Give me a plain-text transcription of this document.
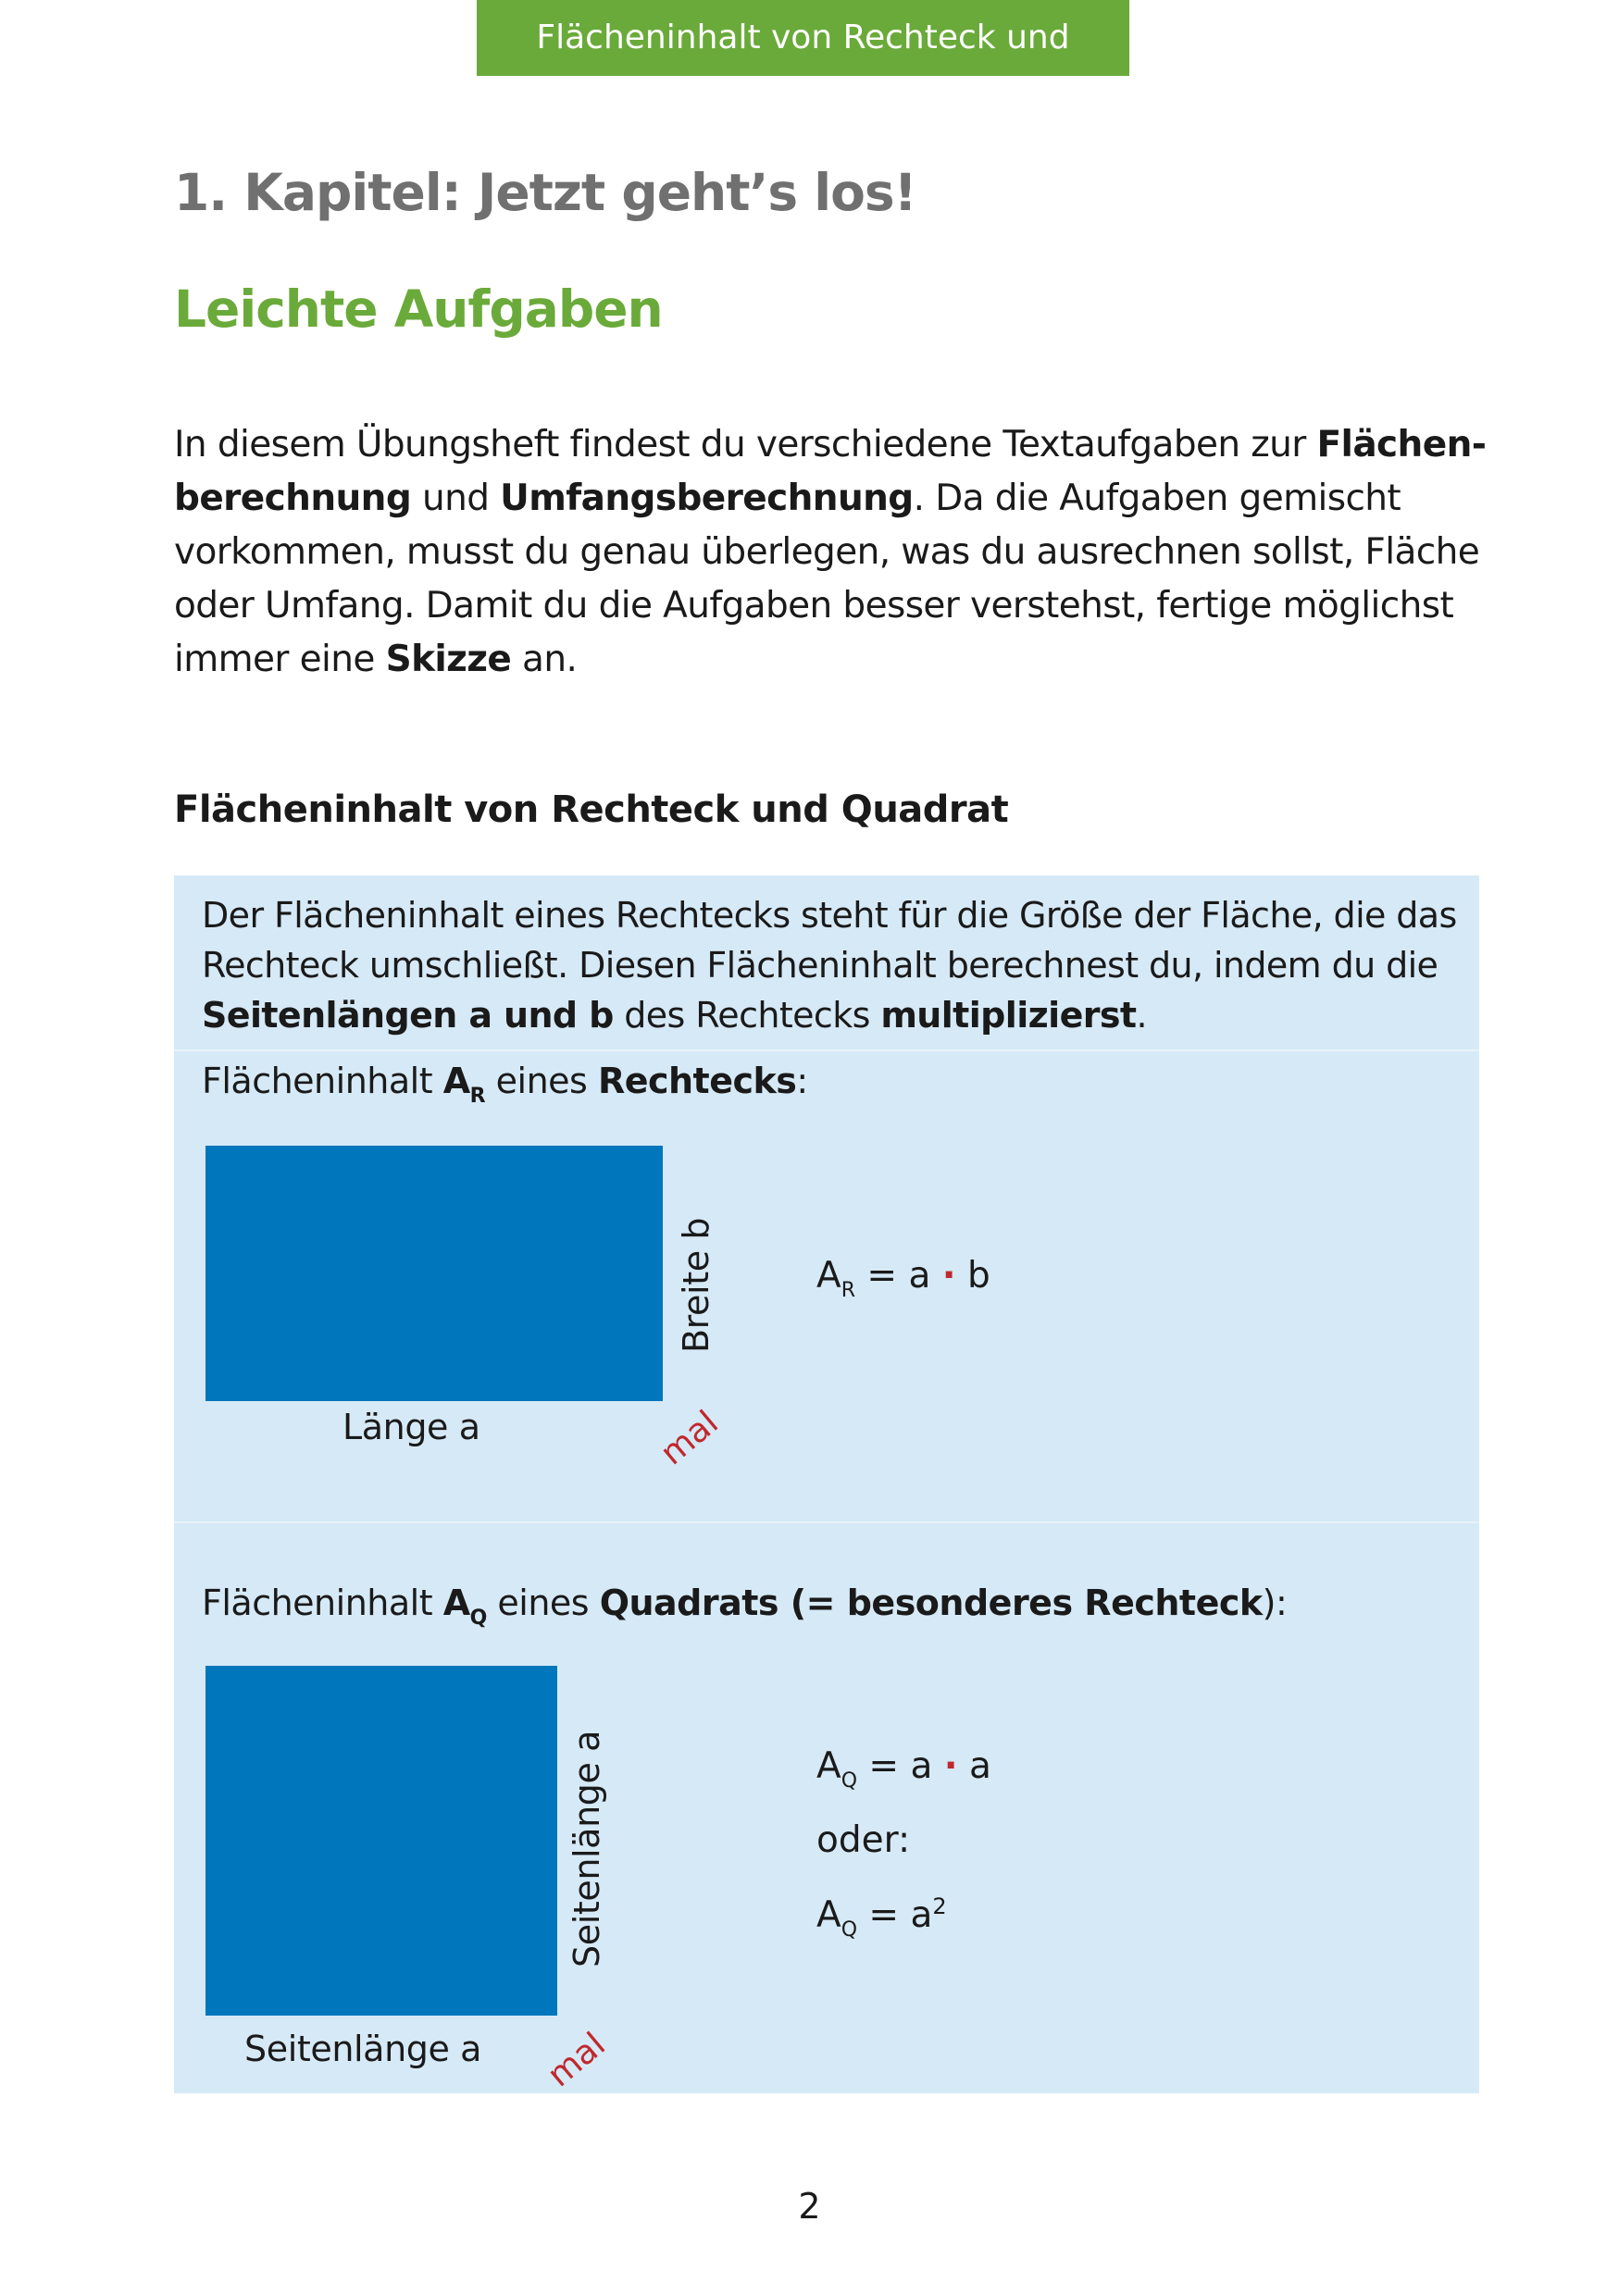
Flächeninhalt von Rechteck und Quadrat
1. Kapitel: Jetzt geht’s los!
Leichte Aufgaben
In diesem Übungsheft findest du verschiedene Textaufgaben zur Flächen-berechnung und Umfangsberechnung. Da die Aufgaben gemischt vorkommen, musst du genau überlegen, was du ausrechnen sollst, Fläche oder Umfang. Damit du die Aufgaben besser verstehst, fertige möglichst immer eine Skizze an.
Flächeninhalt von Rechteck und Quadrat
Der Flächeninhalt eines Rechtecks steht für die Größe der Fläche, die das Rechteck umschließt. Diesen Flächeninhalt berechnest du, indem du die Seitenlängen a und b des Rechtecks multiplizierst.
Flächeninhalt $A_R$ eines Rechtecks:
Breite b
Länge a	mal
$A_R = a \cdot b$
Flächeninhalt $A_Q$ eines Quadrats (= besonderes Rechteck):
Seitenlänge a
Seitenlänge a mal
$A_Q = a \cdot a$
oder:
$A_Q = a^2$
2
